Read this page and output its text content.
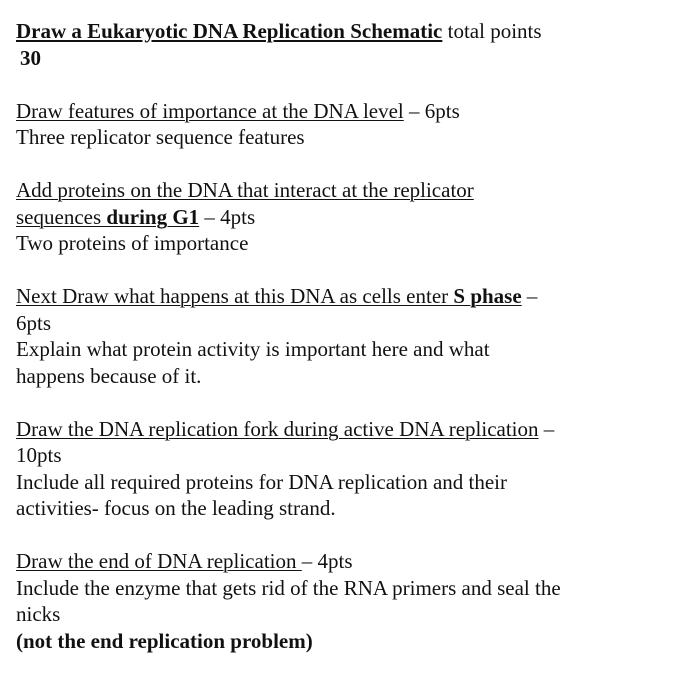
Draw a Eukaryotic DNA Replication Schematic total points
30
Draw features of importance at the DNA level – 6pts
Three replicator sequence features
Add proteins on the DNA that interact at the replicator
sequences during G1 – 4pts
Two proteins of importance
Next Draw what happens at this DNA as cells enter S phase –
6pts
Explain what protein activity is important here and what
happens because of it.
Draw the DNA replication fork during active DNA replication –
10pts
Include all required proteins for DNA replication and their
activities- focus on the leading strand.
Draw the end of DNA replication – 4pts
Include the enzyme that gets rid of the RNA primers and seal the
nicks
(not the end replication problem)
